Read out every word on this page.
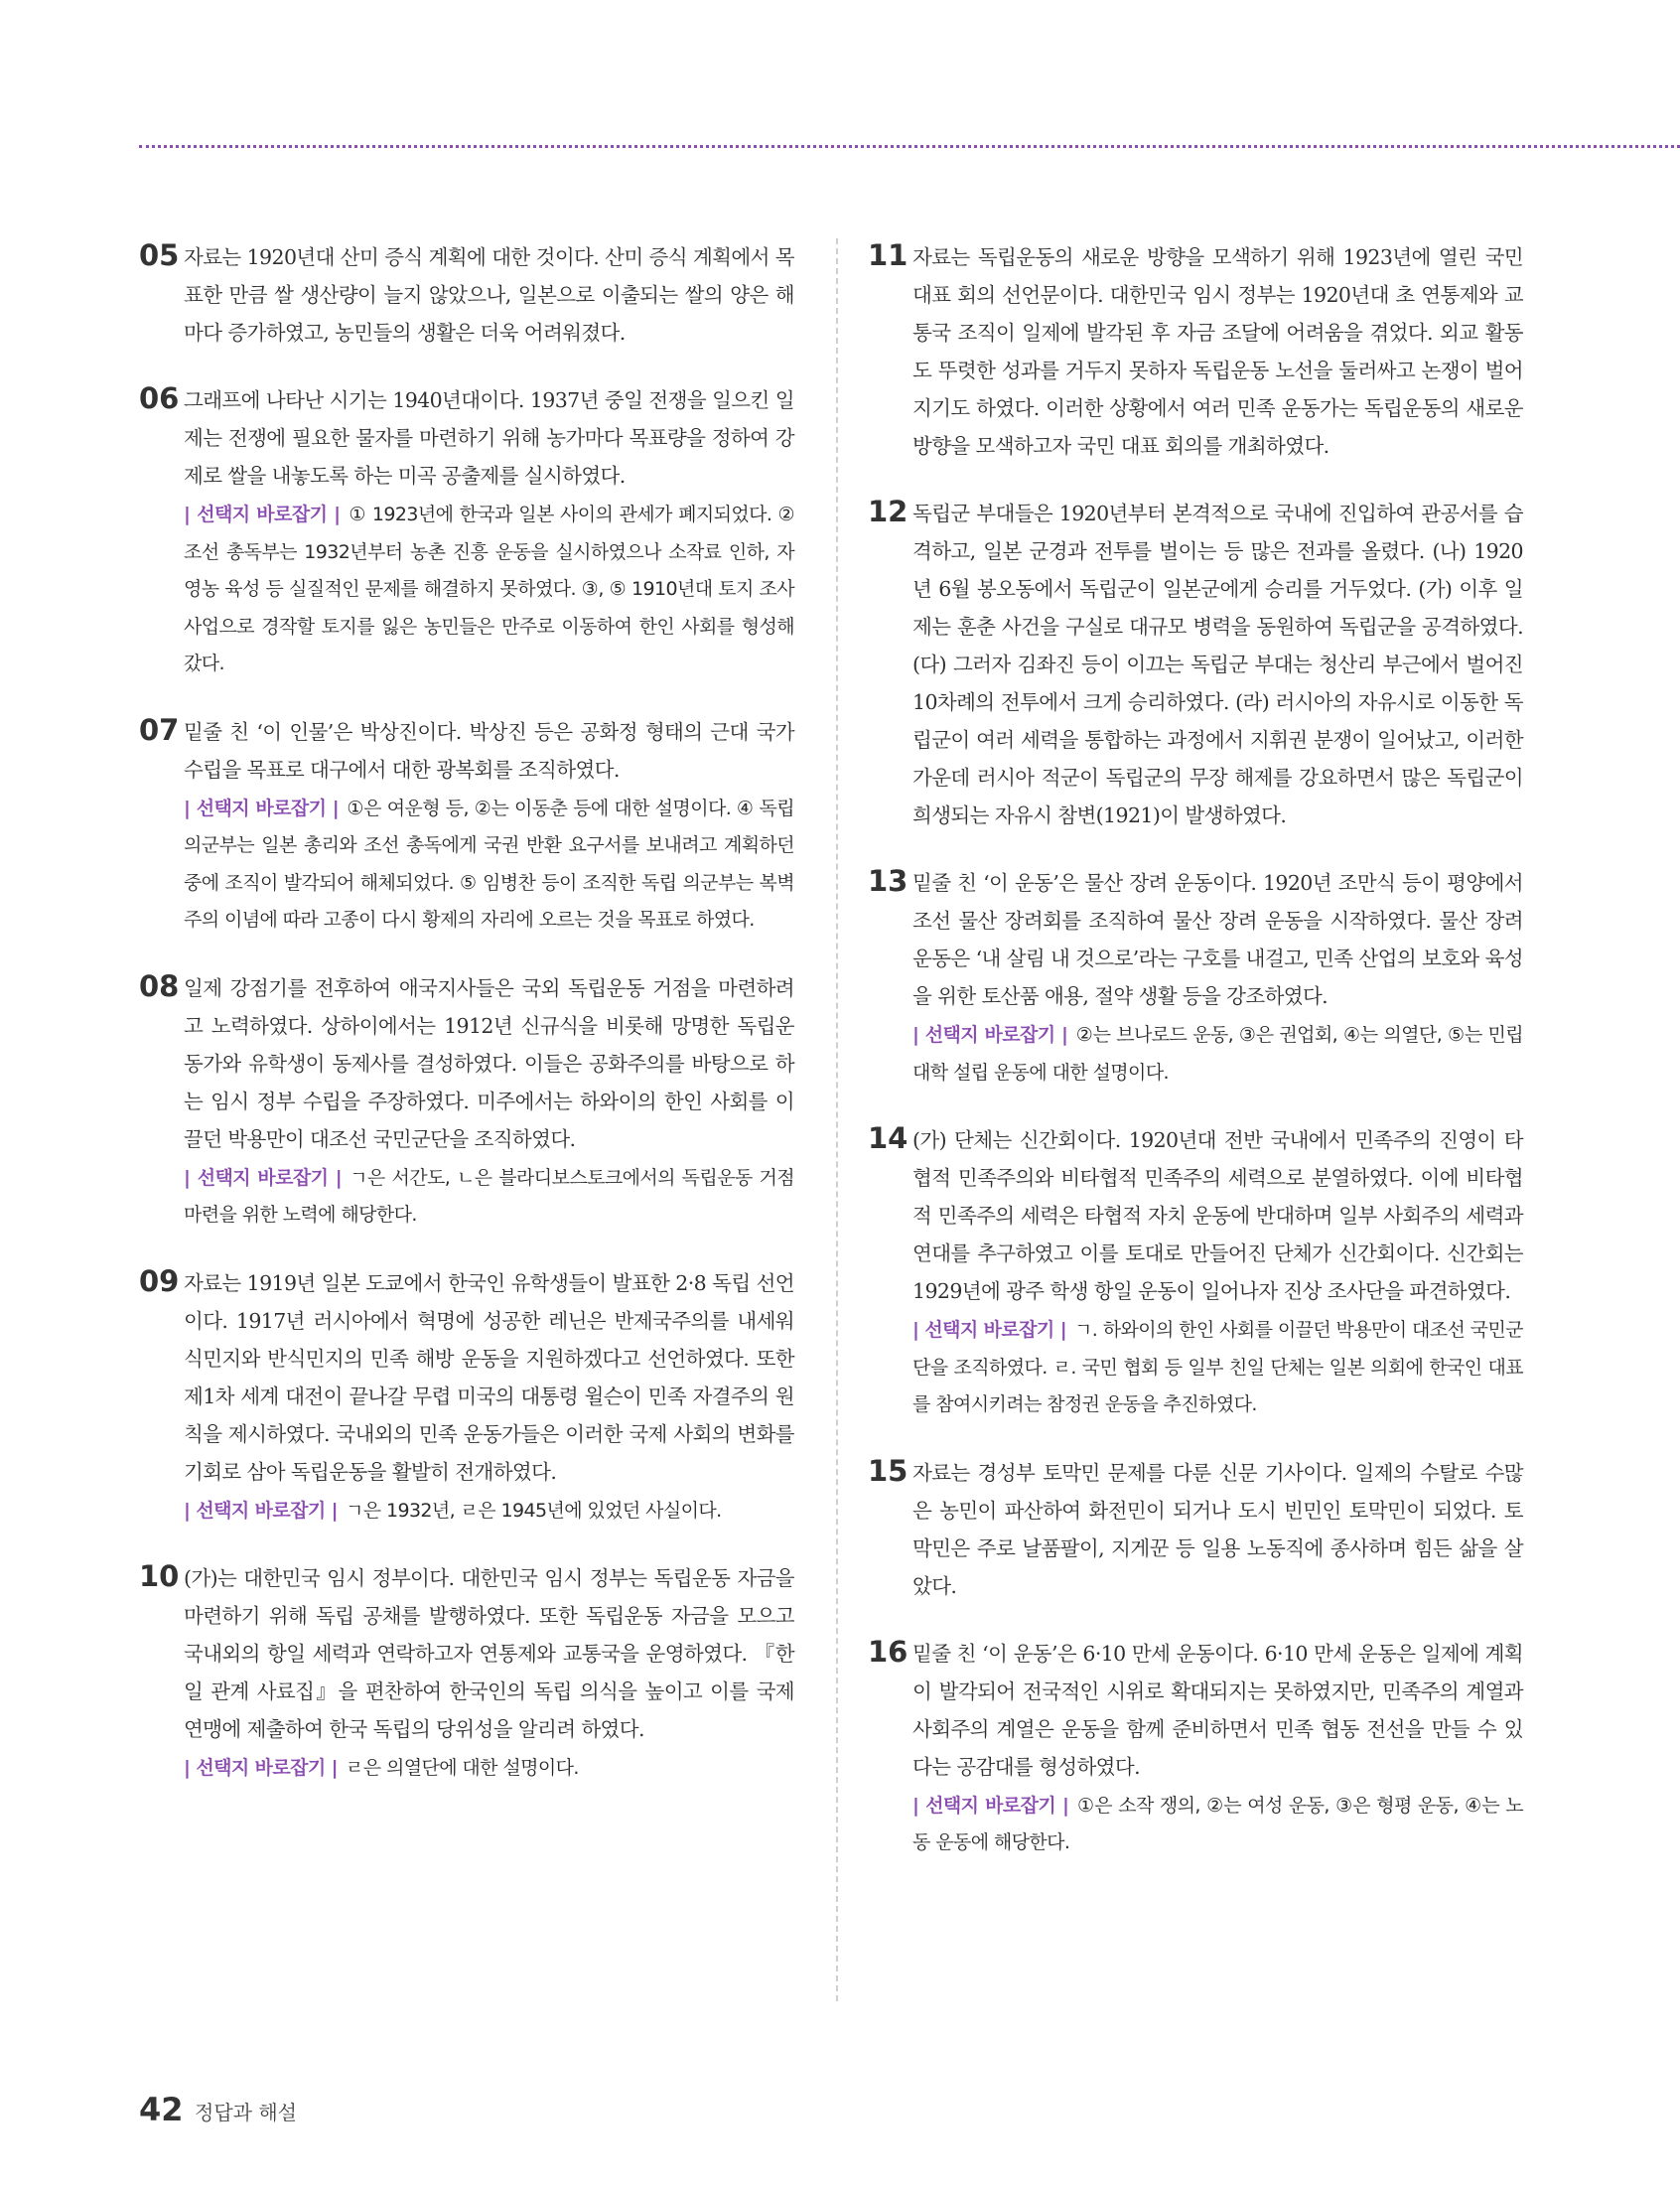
05 자료는 1920년대 산미 증식 계획에 대한 것이다. 산미 증식 계획에서 목표한 만큼 쌀 생산량이 늘지 않았으나, 일본으로 이출되는 쌀의 양은 해마다 증가하였고, 농민들의 생활은 더욱 어려워졌다.
06 그래프에 나타난 시기는 1940년대이다. 1937년 중일 전쟁을 일으킨 일제는 전쟁에 필요한 물자를 마련하기 위해 농가마다 목표량을 정하여 강제로 쌀을 내놓도록 하는 미곡 공출제를 실시하였다.
| 선택지 바로잡기 | ① 1923년에 한국과 일본 사이의 관세가 폐지되었다. ② 조선 총독부는 1932년부터 농촌 진흥 운동을 실시하였으나 소작료 인하, 자영농 육성 등 실질적인 문제를 해결하지 못하였다. ③, ⑤ 1910년대 토지 조사 사업으로 경작할 토지를 잃은 농민들은 만주로 이동하여 한인 사회를 형성해 갔다.
07 밑줄 친 ‘이 인물’은 박상진이다. 박상진 등은 공화정 형태의 근대 국가 수립을 목표로 대구에서 대한 광복회를 조직하였다.
| 선택지 바로잡기 | ①은 여운형 등, ②는 이동춘 등에 대한 설명이다. ④ 독립 의군부는 일본 총리와 조선 총독에게 국권 반환 요구서를 보내려고 계획하던 중에 조직이 발각되어 해체되었다. ⑤ 임병찬 등이 조직한 독립 의군부는 복벽주의 이념에 따라 고종이 다시 황제의 자리에 오르는 것을 목표로 하였다.
08 일제 강점기를 전후하여 애국지사들은 국외 독립운동 거점을 마련하려고 노력하였다. 상하이에서는 1912년 신규식을 비롯해 망명한 독립운동가와 유학생이 동제사를 결성하였다. 이들은 공화주의를 바탕으로 하는 임시 정부 수립을 주장하였다. 미주에서는 하와이의 한인 사회를 이끌던 박용만이 대조선 국민군단을 조직하였다.
| 선택지 바로잡기 | ㄱ은 서간도, ㄴ은 블라디보스토크에서의 독립운동 거점 마련을 위한 노력에 해당한다.
09 자료는 1919년 일본 도쿄에서 한국인 유학생들이 발표한 2·8 독립 선언이다. 1917년 러시아에서 혁명에 성공한 레닌은 반제국주의를 내세워 식민지와 반식민지의 민족 해방 운동을 지원하겠다고 선언하였다. 또한 제1차 세계 대전이 끝나갈 무렵 미국의 대통령 윌슨이 민족 자결주의 원칙을 제시하였다. 국내외의 민족 운동가들은 이러한 국제 사회의 변화를 기회로 삼아 독립운동을 활발히 전개하였다.
| 선택지 바로잡기 | ㄱ은 1932년, ㄹ은 1945년에 있었던 사실이다.
10 (가)는 대한민국 임시 정부이다. 대한민국 임시 정부는 독립운동 자금을 마련하기 위해 독립 공채를 발행하였다. 또한 독립운동 자금을 모으고 국내외의 항일 세력과 연락하고자 연통제와 교통국을 운영하였다. 『한일 관계 사료집』을 편찬하여 한국인의 독립 의식을 높이고 이를 국제 연맹에 제출하여 한국 독립의 당위성을 알리려 하였다.
| 선택지 바로잡기 | ㄹ은 의열단에 대한 설명이다.
11 자료는 독립운동의 새로운 방향을 모색하기 위해 1923년에 열린 국민 대표 회의 선언문이다. 대한민국 임시 정부는 1920년대 초 연통제와 교통국 조직이 일제에 발각된 후 자금 조달에 어려움을 겪었다. 외교 활동도 뚜렷한 성과를 거두지 못하자 독립운동 노선을 둘러싸고 논쟁이 벌어지기도 하였다. 이러한 상황에서 여러 민족 운동가는 독립운동의 새로운 방향을 모색하고자 국민 대표 회의를 개최하였다.
12 독립군 부대들은 1920년부터 본격적으로 국내에 진입하여 관공서를 습격하고, 일본 군경과 전투를 벌이는 등 많은 전과를 올렸다. (나) 1920년 6월 봉오동에서 독립군이 일본군에게 승리를 거두었다. (가) 이후 일제는 훈춘 사건을 구실로 대규모 병력을 동원하여 독립군을 공격하였다. (다) 그러자 김좌진 등이 이끄는 독립군 부대는 청산리 부근에서 벌어진 10차례의 전투에서 크게 승리하였다. (라) 러시아의 자유시로 이동한 독립군이 여러 세력을 통합하는 과정에서 지휘권 분쟁이 일어났고, 이러한 가운데 러시아 적군이 독립군의 무장 해제를 강요하면서 많은 독립군이 희생되는 자유시 참변(1921)이 발생하였다.
13 밑줄 친 ‘이 운동’은 물산 장려 운동이다. 1920년 조만식 등이 평양에서 조선 물산 장려회를 조직하여 물산 장려 운동을 시작하였다. 물산 장려 운동은 ‘내 살림 내 것으로’라는 구호를 내걸고, 민족 산업의 보호와 육성을 위한 토산품 애용, 절약 생활 등을 강조하였다.
| 선택지 바로잡기 | ②는 브나로드 운동, ③은 권업회, ④는 의열단, ⑤는 민립 대학 설립 운동에 대한 설명이다.
14 (가) 단체는 신간회이다. 1920년대 전반 국내에서 민족주의 진영이 타협적 민족주의와 비타협적 민족주의 세력으로 분열하였다. 이에 비타협적 민족주의 세력은 타협적 자치 운동에 반대하며 일부 사회주의 세력과 연대를 추구하였고 이를 토대로 만들어진 단체가 신간회이다. 신간회는 1929년에 광주 학생 항일 운동이 일어나자 진상 조사단을 파견하였다.
| 선택지 바로잡기 | ㄱ. 하와이의 한인 사회를 이끌던 박용만이 대조선 국민군단을 조직하였다. ㄹ. 국민 협회 등 일부 친일 단체는 일본 의회에 한국인 대표를 참여시키려는 참정권 운동을 추진하였다.
15 자료는 경성부 토막민 문제를 다룬 신문 기사이다. 일제의 수탈로 수많은 농민이 파산하여 화전민이 되거나 도시 빈민인 토막민이 되었다. 토막민은 주로 날품팔이, 지게꾼 등 일용 노동직에 종사하며 힘든 삶을 살았다.
16 밑줄 친 ‘이 운동’은 6·10 만세 운동이다. 6·10 만세 운동은 일제에 계획이 발각되어 전국적인 시위로 확대되지는 못하였지만, 민족주의 계열과 사회주의 계열은 운동을 함께 준비하면서 민족 협동 전선을 만들 수 있다는 공감대를 형성하였다.
| 선택지 바로잡기 | ①은 소작 쟁의, ②는 여성 운동, ③은 형평 운동, ④는 노동 운동에 해당한다.
42 정답과 해설
